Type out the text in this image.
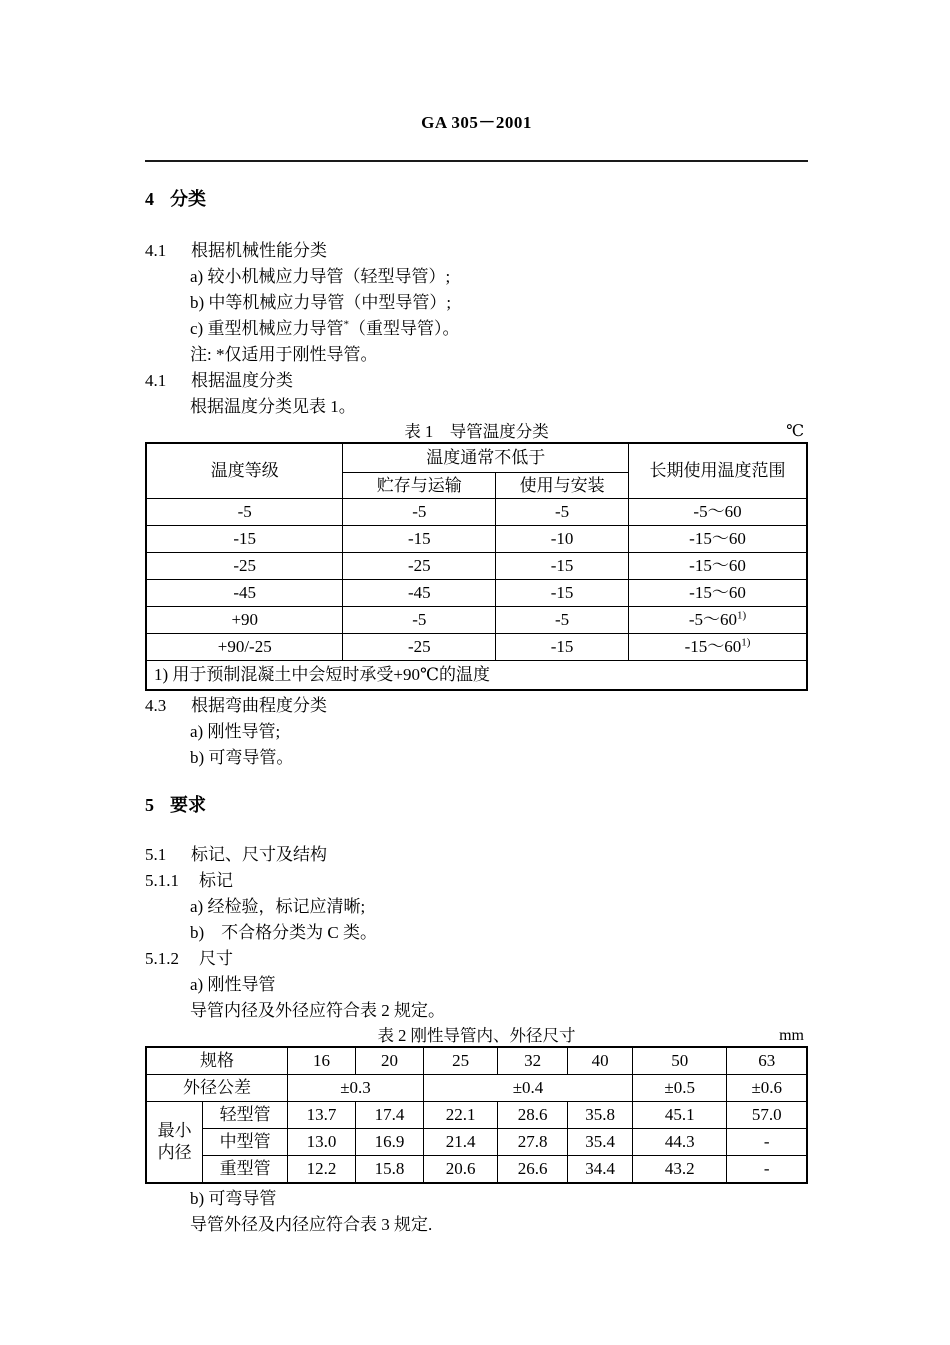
GA 305－2001
4 分类

4.1 根据机械性能分类

a) 较小机械应力导管（轻型导管）;

b) 中等机械应力导管（中型导管）;

c) 重型机械应力导管*（重型导管）。

注: *仅适用于刚性导管。

4.1 根据温度分类

根据温度分类见表 1。

表 1　导管温度分类	℃
温度等级	温度通常不低于		长期使用温度范围
	贮存与运输	使用与安装	
-5	-5	-5	-5～60
-15	-15	-10	-15～60
-25	-25	-15	-15～60
-45	-45	-15	-15～60
+90	-5	-5	$-5\sim 60^{1)}$
+90/-25	-25	-15	-15～60$^{1)}$
1) 用于预制混凝土中会短时承受+90℃的温度			

4.3 根据弯曲程度分类

a) 刚性导管;

b) 可弯导管。

5 要求

5.1 标记、尺寸及结构

5.1.1 标记

a) 经检验，标记应清晰;

b)　不合格分类为 C 类。

5.1.2 尺寸

a) 刚性导管

导管内径及外径应符合表 2 规定。

表 2 刚性导管内、外径尺寸	mm
规格		16	20	25	32	40	50	63
外径公差		±0.3		±0.4			±0.5	±0.6
最小
内径	轻型管	13.7	17.4	22.1	28.6	35.8	45.1	57.0
	中型管	13.0	16.9	21.4	27.8	35.4	44.3	-
	重型管	12.2	15.8	20.6	26.6	34.4	43.2	-

b) 可弯导管

导管外径及内径应符合表 3 规定.
